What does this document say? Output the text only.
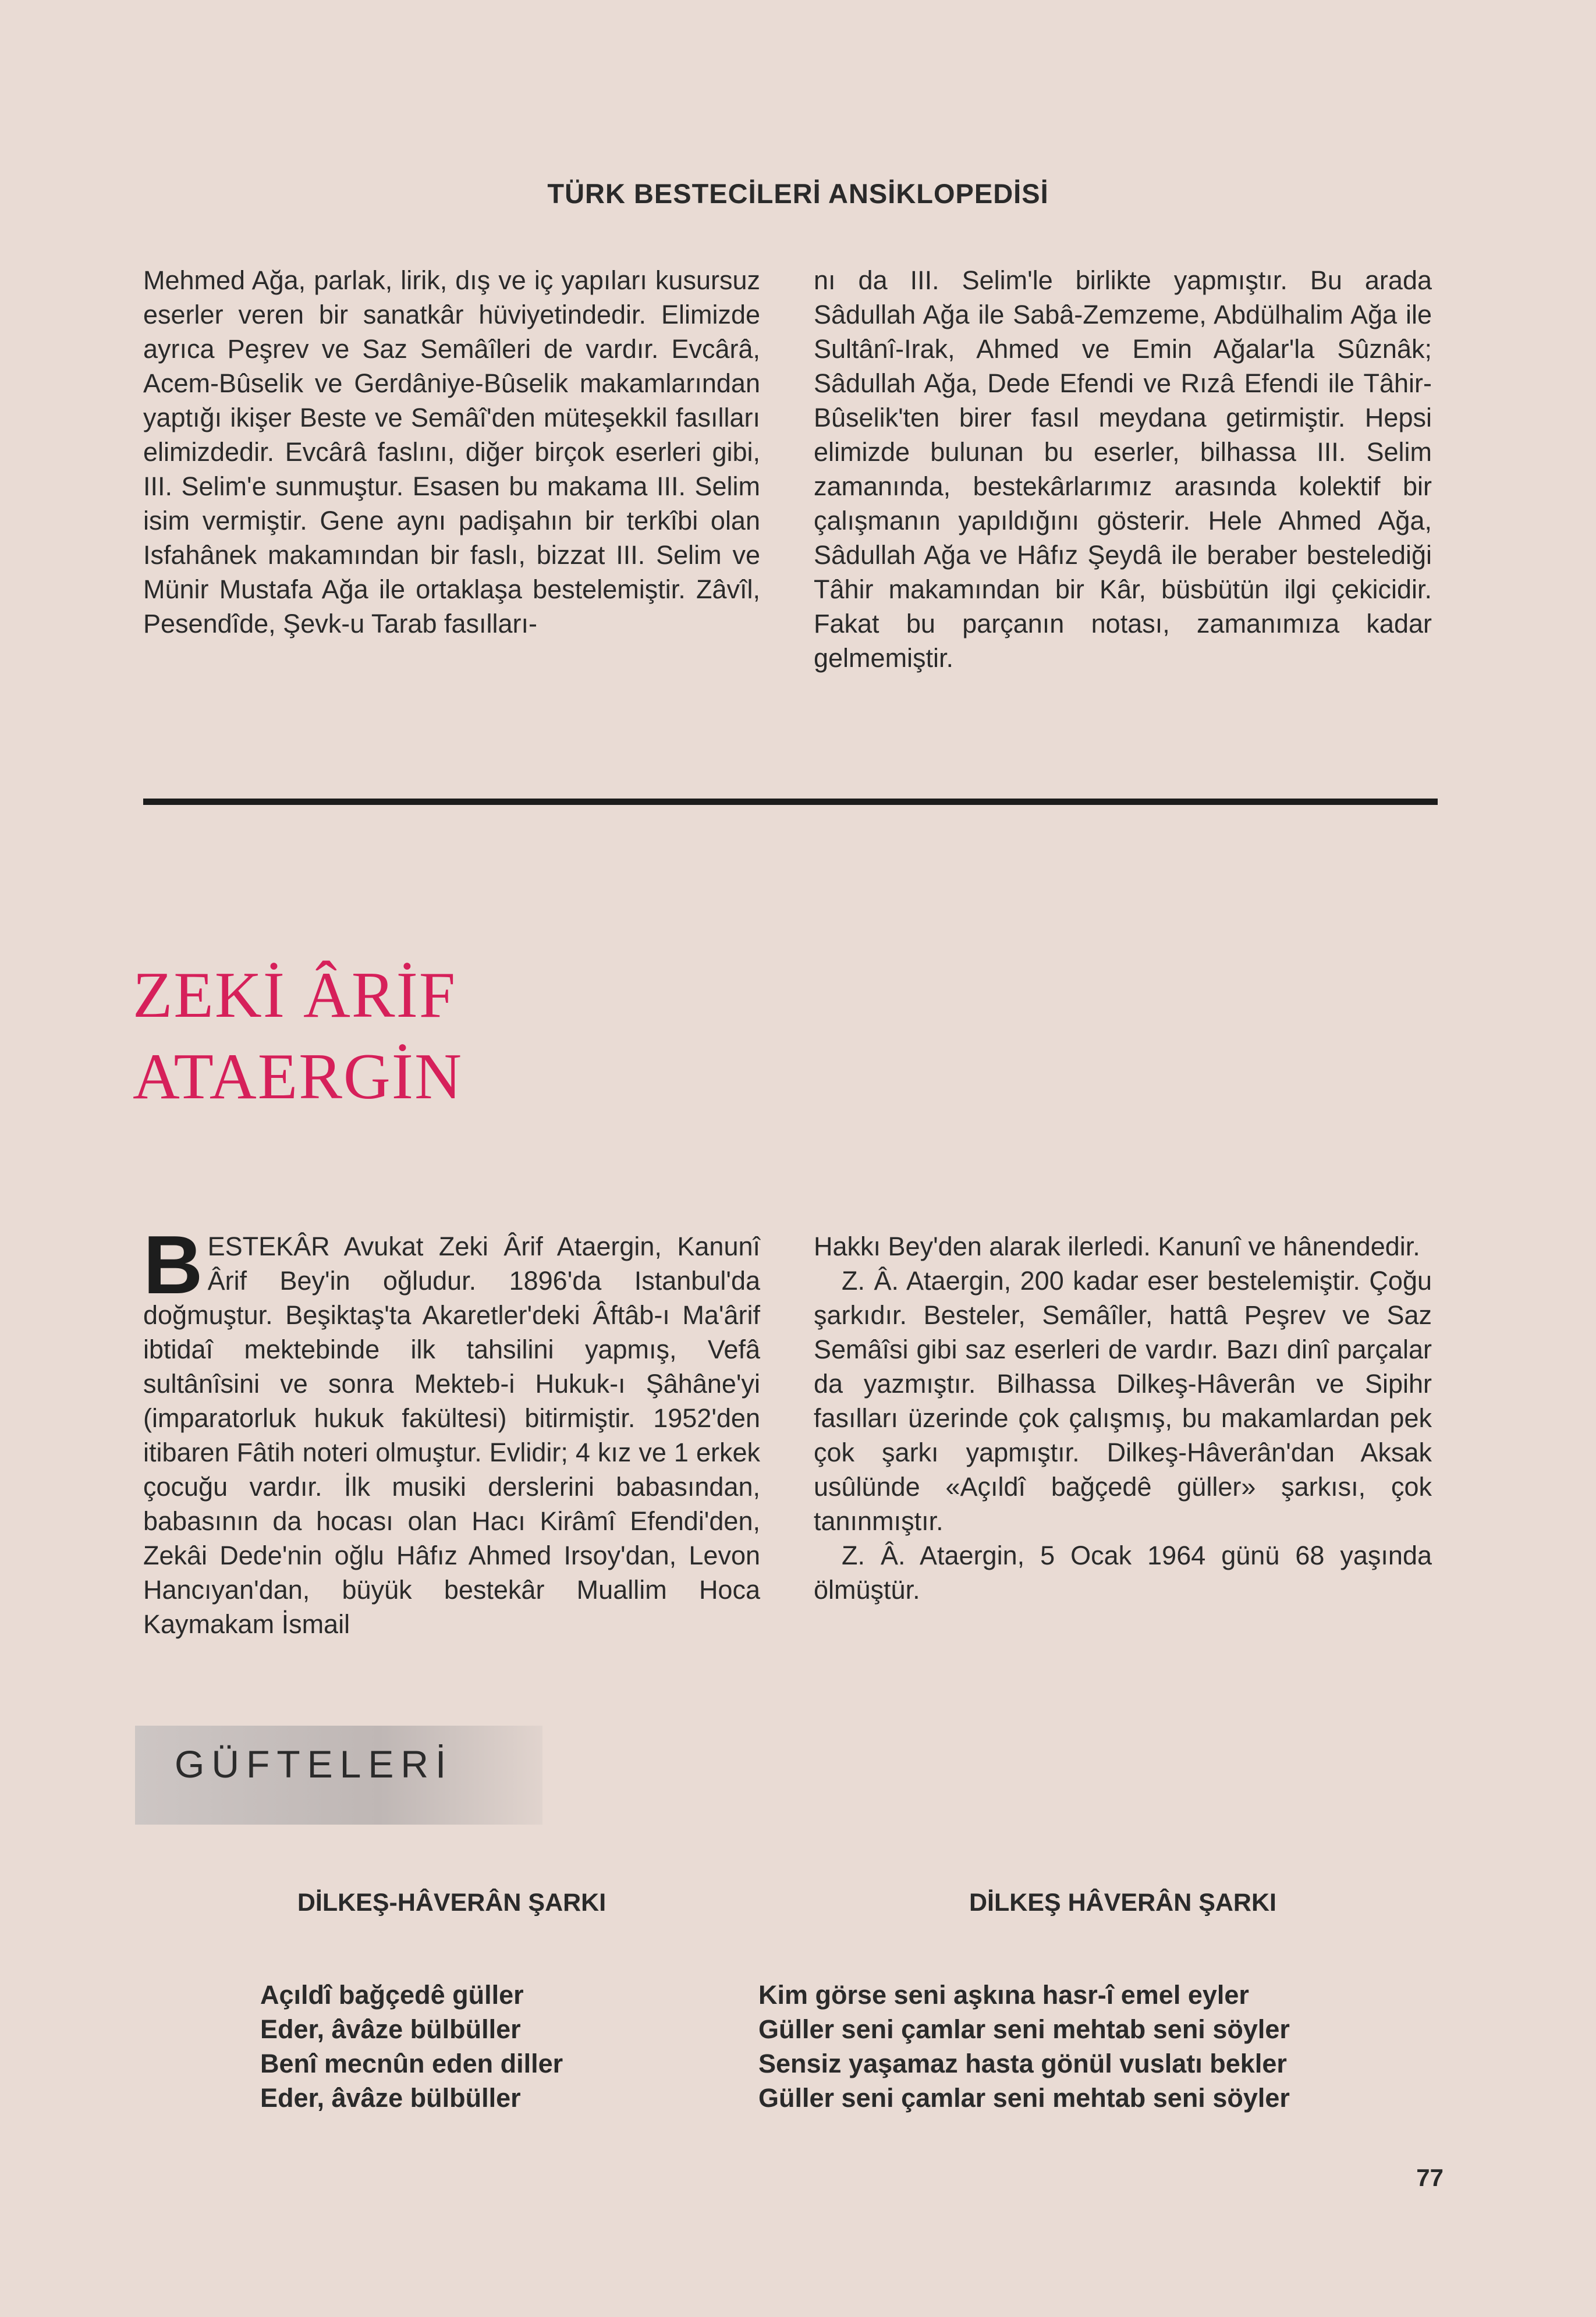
TÜRK BESTECİLERİ ANSİKLOPEDİSİ

Mehmed Ağa, parlak, lirik, dış ve iç yapıları kusursuz eserler veren bir sanatkâr hüviyetindedir. Elimizde ayrıca Peşrev ve Saz Semâîleri de vardır. Evcârâ, Acem-Bûselik ve Gerdâniye-Bûselik makamlarından yaptığı ikişer Beste ve Semâî'den müteşekkil fasılları elimizdedir. Evcârâ faslını, diğer birçok eserleri gibi, III. Selim'e sunmuştur. Esasen bu makama III. Selim isim vermiştir. Gene aynı padişahın bir terkîbi olan Isfahânek makamından bir faslı, bizzat III. Selim ve Münir Mustafa Ağa ile ortaklaşa bestelemiştir. Zâvîl, Pesendîde, Şevk-u Tarab fasılları-

nı da III. Selim'le birlikte yapmıştır. Bu arada Sâdullah Ağa ile Sabâ-Zemzeme, Abdülhalim Ağa ile Sultânî-Irak, Ahmed ve Emin Ağalar'la Sûznâk; Sâdullah Ağa, Dede Efendi ve Rızâ Efendi ile Tâhir-Bûselik'ten birer fasıl meydana getirmiştir. Hepsi elimizde bulunan bu eserler, bilhassa III. Selim zamanında, bestekârlarımız arasında kolektif bir çalışmanın yapıldığını gösterir. Hele Ahmed Ağa, Sâdullah Ağa ve Hâfız Şeydâ ile beraber bestelediği Tâhir makamından bir Kâr, büsbütün ilgi çekicidir. Fakat bu parçanın notası, zamanımıza kadar gelmemiştir.

ZEKİ ÂRİF
ATAERGİN

BESTEKÂR Avukat Zeki Ârif Ataergin, Kanunî Ârif Bey'in oğludur. 1896'da Istanbul'da doğmuştur. Beşiktaş'ta Akaretler'deki Âftâb-ı Ma'ârif ibtidaî mektebinde ilk tahsilini yapmış, Vefâ sultânîsini ve sonra Mekteb-i Hukuk-ı Şâhâne'yi (imparatorluk hukuk fakültesi) bitirmiştir. 1952'den itibaren Fâtih noteri olmuştur. Evlidir; 4 kız ve 1 erkek çocuğu vardır. İlk musiki derslerini babasından, babasının da hocası olan Hacı Kirâmî Efendi'den, Zekâi Dede'nin oğlu Hâfız Ahmed Irsoy'dan, Levon Hancıyan'dan, büyük bestekâr Muallim Hoca Kaymakam İsmail

Hakkı Bey'den alarak ilerledi. Kanunî ve hânendedir.

Z. Â. Ataergin, 200 kadar eser bestelemiştir. Çoğu şarkıdır. Besteler, Semâîler, hattâ Peşrev ve Saz Semâîsi gibi saz eserleri de vardır. Bazı dinî parçalar da yazmıştır. Bilhassa Dilkeş-Hâverân ve Sipihr fasılları üzerinde çok çalışmış, bu makamlardan pek çok şarkı yapmıştır. Dilkeş-Hâverân'dan Aksak usûlünde «Açıldî bağçedê güller» şarkısı, çok tanınmıştır.

Z. Â. Ataergin, 5 Ocak 1964 günü 68 yaşında ölmüştür.

GÜFTELERİ
DİLKEŞ-HÂVERÂN ŞARKI	DİLKEŞ HÂVERÂN ŞARKI
Açıldî bağçedê güller
Eder, âvâze bülbüller
Benî mecnûn eden diller
Eder, âvâze bülbüller
Kim görse seni aşkına hasr-î emel eyler
Güller seni çamlar seni mehtab seni söyler
Sensiz yaşamaz hasta gönül vuslatı bekler
Güller seni çamlar seni mehtab seni söyler
77
